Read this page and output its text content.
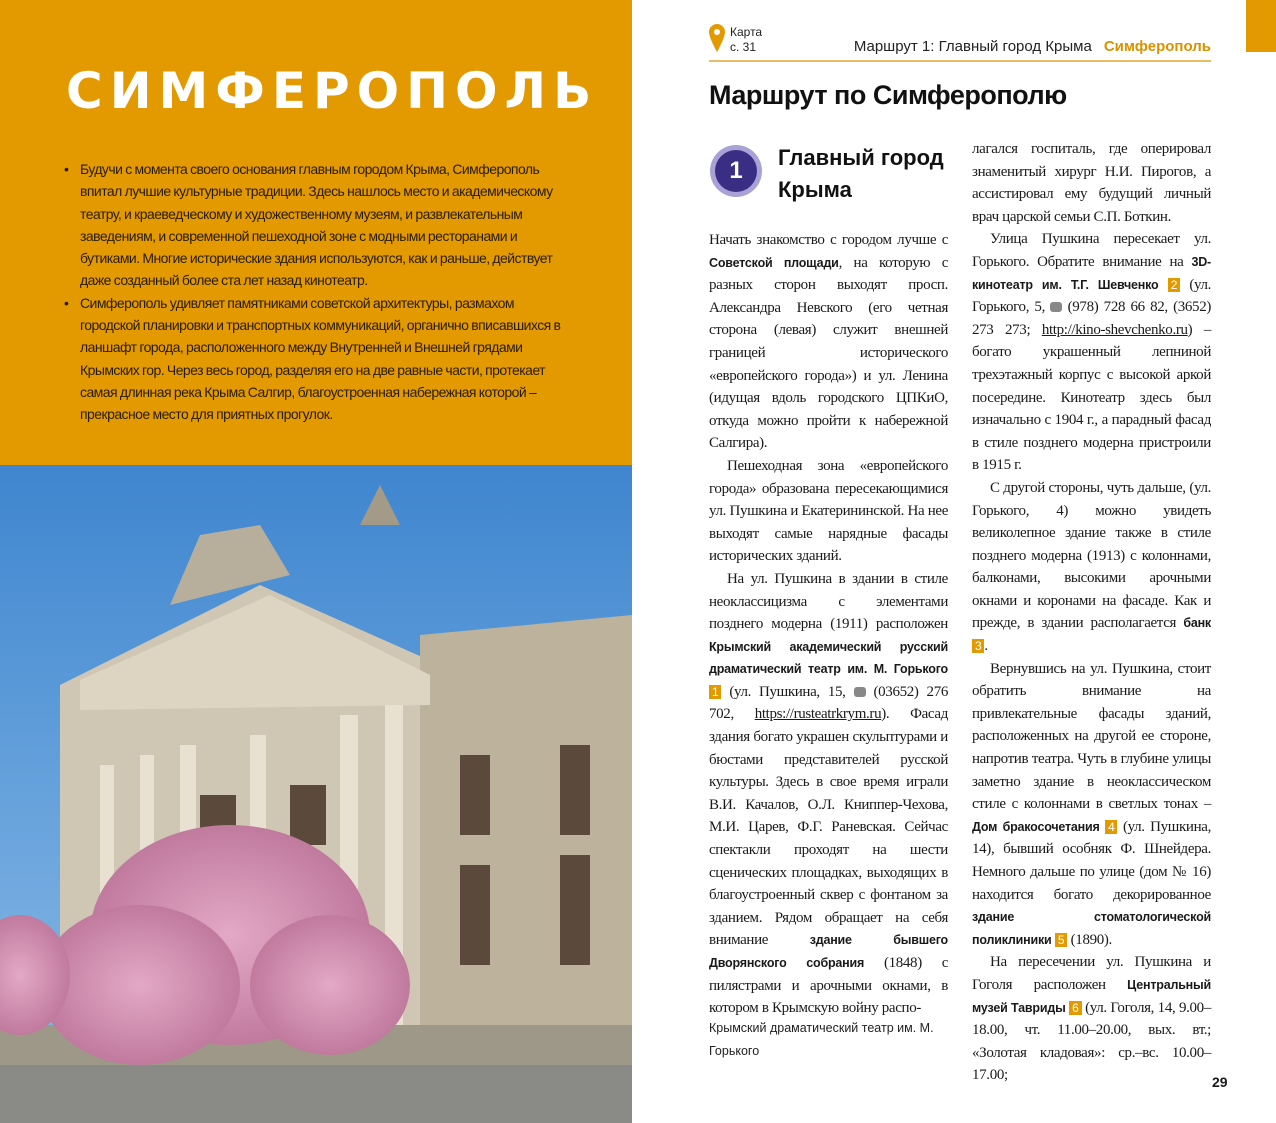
СИМФЕРОПОЛЬ
• Будучи с момента своего основания главным городом Крыма, Симферополь впитал лучшие культурные традиции. Здесь нашлось место и академическому театру, и краеведческому и художественному музеям, и развлекательным заведениям, и современной пешеходной зоне с модными ресторанами и бутиками. Многие исторические здания используются, как и раньше, действует даже созданный более ста лет назад кинотеатр.
• Симферополь удивляет памятниками советской архитектуры, размахом городской планировки и транспортных коммуникаций, органично вписавшихся в ланшафт города, расположенного между Внутренней и Внешней грядами Крымских гор. Через весь город, разделяя его на две равные части, протекает самая длинная река Крыма Салгир, благоустроенная набережная которой – прекрасное место для приятных прогулок.
Карта
с. 31	Маршрут 1: Главный город Крыма Симферополь
Маршрут по Симферополю
1	Главный город Крыма

Начать знакомство с городом лучше с Советской площади, на которую с разных сторон выходят просп. Александра Невского (его четная сторона (левая) служит внешней границей исторического «европейского города») и ул. Ленина (идущая вдоль городского ЦПКиО, откуда можно пройти к набережной Салгира).

Пешеходная зона «европейского города» образована пересекающимися ул. Пушкина и Екатерининской. На нее выходят самые нарядные фасады исторических зданий.

На ул. Пушкина в здании в стиле неоклассицизма с элементами позднего модерна (1911) расположен Крымский академический русский драматический театр им. М. Горького 1 (ул. Пушкина, 15,  (03652) 276 702, https://rusteatrkrym.ru). Фасад здания богато украшен скульптурами и бюстами представителей русской культуры. Здесь в свое время играли В.И. Качалов, О.Л. Книппер-Чехова, М.И. Царев, Ф.Г. Раневская. Сейчас спектакли проходят на шести сценических площадках, выходящих в благоустроенный сквер с фонтаном за зданием. Рядом обращает на себя внимание здание бывшего Дворянского собрания (1848) с пилястрами и арочными окнами, в котором в Крымскую войну распо-

лагался госпиталь, где оперировал знаменитый хирург Н.И. Пирогов, а ассистировал ему будущий личный врач царской семьи С.П. Боткин.

Улица Пушкина пересекает ул. Горького. Обратите внимание на 3D-кинотеатр им. Т.Г. Шевченко 2 (ул. Горького, 5,  (978) 728 66 82, (3652) 273 273; http://kino-shevchenko.ru) – богато украшенный лепниной трехэтажный корпус с высокой аркой посередине. Кинотеатр здесь был изначально с 1904 г., а парадный фасад в стиле позднего модерна пристроили в 1915 г.

С другой стороны, чуть дальше, (ул. Горького, 4) можно увидеть великолепное здание также в стиле позднего модерна (1913) с колоннами, балконами, высокими арочными окнами и коронами на фасаде. Как и прежде, в здании располагается банк 3 .

Вернувшись на ул. Пушкина, стоит обратить внимание на привлекательные фасады зданий, расположенных на другой ее стороне, напротив театра. Чуть в глубине улицы заметно здание в неоклассическом стиле с колоннами в светлых тонах – Дом бракосочетания 4 (ул. Пушкина, 14), бывший особняк Ф. Шнейдера. Немного дальше по улице (дом № 16) находится богато декорированное здание стоматологической поликлиники 5 (1890).

На пересечении ул. Пушкина и Гоголя расположен Центральный музей Тавриды 6 (ул. Гоголя, 14, 9.00–18.00, чт. 11.00–20.00, вых. вт.; «Золотая кладовая»: ср.–вс. 10.00–17.00;

Крымский драматический театр им. М. Горького
29
